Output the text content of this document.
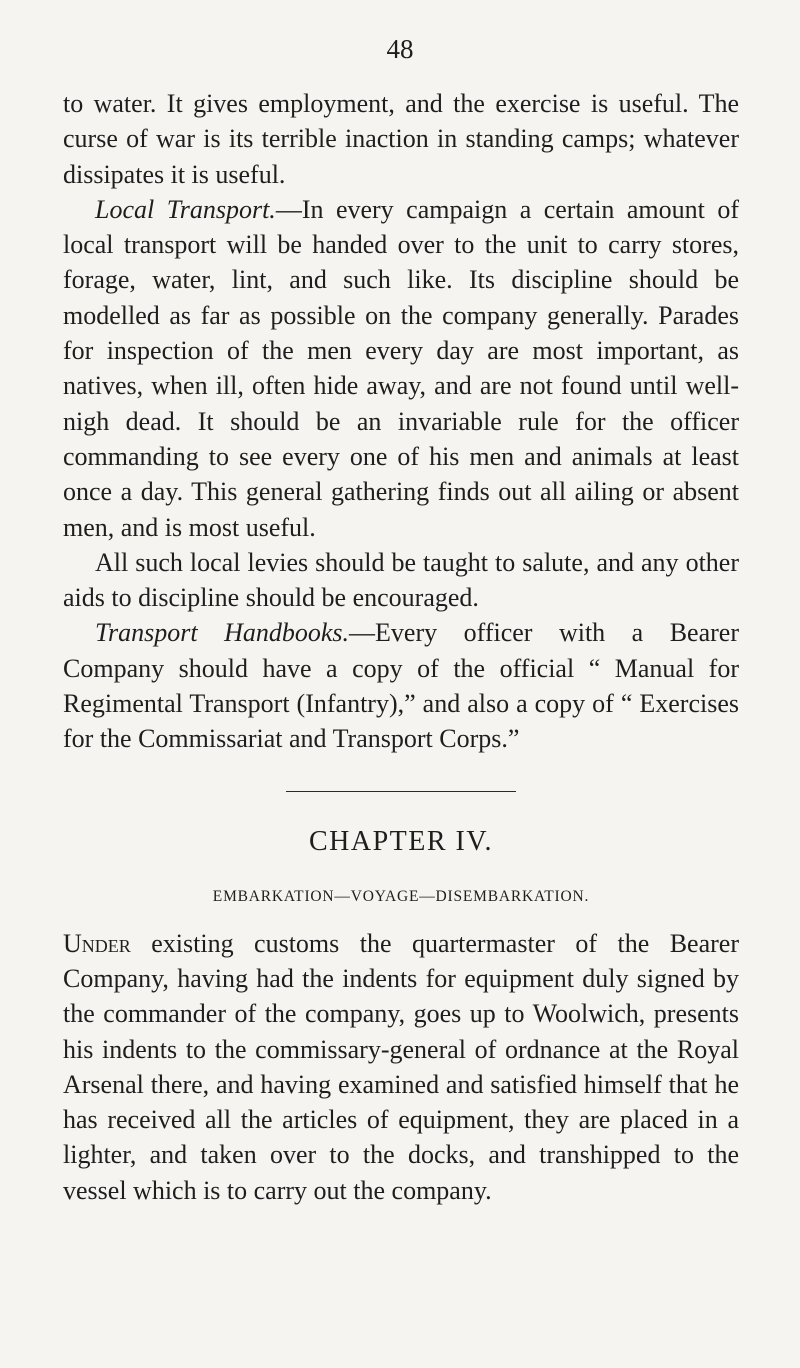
48

to water. It gives employment, and the exercise is useful. The curse of war is its terrible inaction in standing camps; whatever dissipates it is useful.

Local Transport.—In every campaign a certain amount of local transport will be handed over to the unit to carry stores, forage, water, lint, and such like. Its discipline should be modelled as far as possible on the company generally. Parades for inspection of the men every day are most important, as natives, when ill, often hide away, and are not found until well-nigh dead. It should be an invariable rule for the officer commanding to see every one of his men and animals at least once a day. This general gathering finds out all ailing or absent men, and is most useful.

All such local levies should be taught to salute, and any other aids to discipline should be encouraged.

Transport Handbooks.—Every officer with a Bearer Company should have a copy of the official “ Manual for Regimental Transport (Infantry),” and also a copy of “ Exercises for the Commissariat and Transport Corps.”

CHAPTER IV.
EMBARKATION—VOYAGE—DISEMBARKATION.

Under existing customs the quartermaster of the Bearer Company, having had the indents for equipment duly signed by the commander of the company, goes up to Woolwich, presents his indents to the commissary-general of ordnance at the Royal Arsenal there, and having examined and satisfied himself that he has received all the articles of equipment, they are placed in a lighter, and taken over to the docks, and transhipped to the vessel which is to carry out the company.
